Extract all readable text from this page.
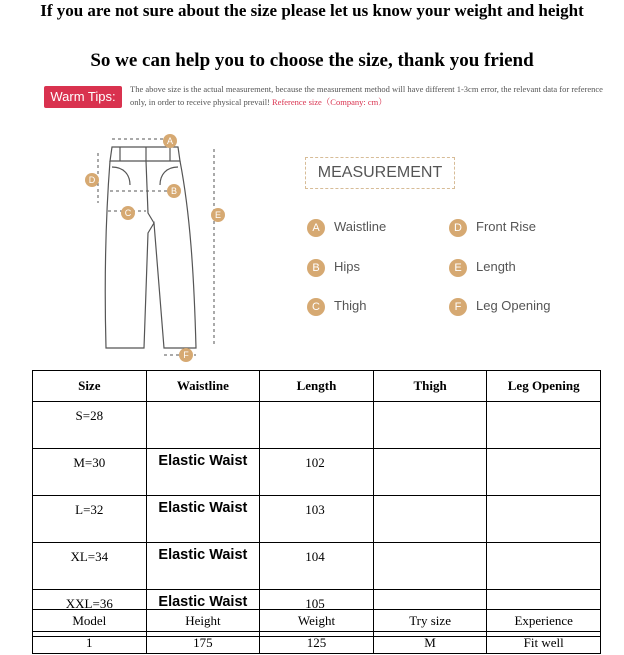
If you are not sure about the size please let us know your weight and height
So we can help you to choose the size, thank you friend
Warm Tips:	The above size is the actual measurement, because the measurement method will have different 1-3cm error, the relevant data for reference only, in order to receive physical prevail! Reference size（Company: cm）
A
B
C
D
E
F
MEASUREMENT
A Waistline	D Front Rise
B Hips	E Length
C Thigh	F Leg Opening
Size	Waistline	Length	Thigh	Leg Opening
S=28				
M=30	Elastic Waist	102		
L=32	Elastic Waist	103		
XL=34	Elastic Waist	104		
XXL=36	Elastic Waist	105		
Model	Height	Weight	Try size	Experience
1	175	125	M	Fit well
